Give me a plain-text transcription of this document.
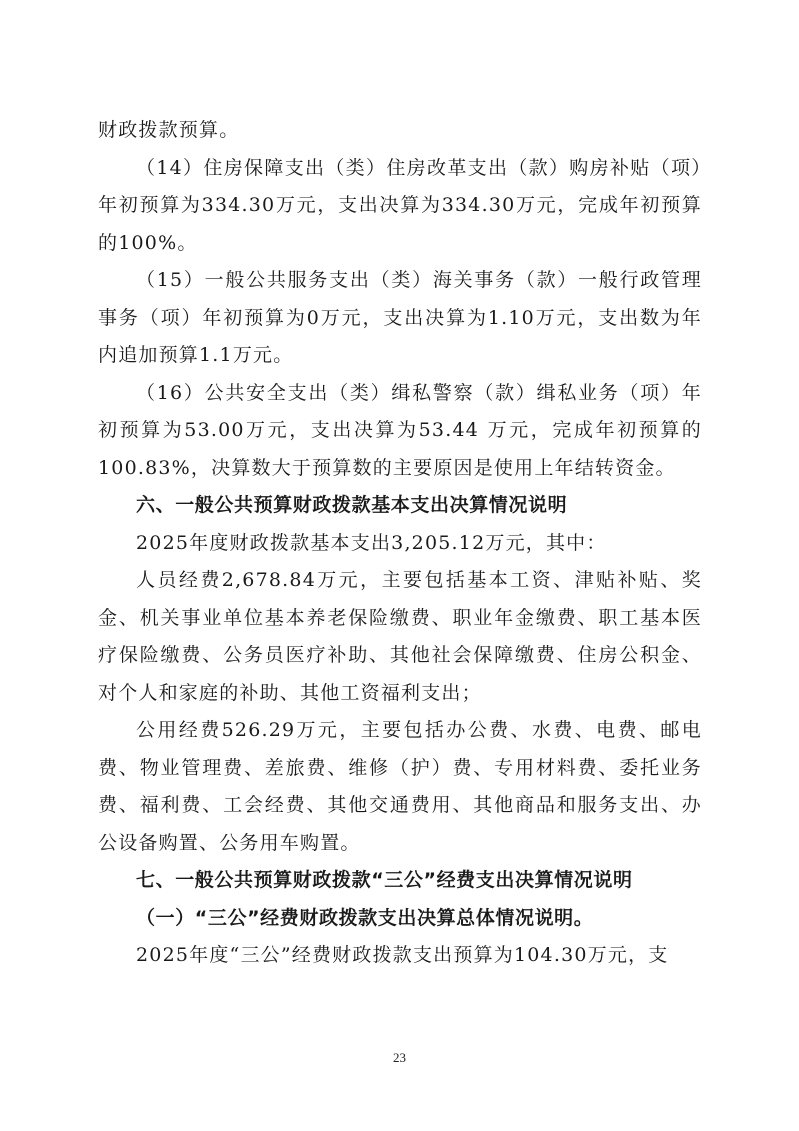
财政拨款预算。

（14）住房保障支出（类）住房改革支出（款）购房补贴（项）年初预算为334.30万元，支出决算为334.30万元，完成年初预算的100%。

（15）一般公共服务支出（类）海关事务（款）一般行政管理事务（项）年初预算为0万元，支出决算为1.10万元，支出数为年内追加预算1.1万元。

（16）公共安全支出（类）缉私警察（款）缉私业务（项）年初预算为53.00万元，支出决算为53.44 万元，完成年初预算的100.83%，决算数大于预算数的主要原因是使用上年结转资金。

六、一般公共预算财政拨款基本支出决算情况说明

2025年度财政拨款基本支出3,205.12万元，其中：

人员经费2,678.84万元，主要包括基本工资、津贴补贴、奖金、机关事业单位基本养老保险缴费、职业年金缴费、职工基本医疗保险缴费、公务员医疗补助、其他社会保障缴费、住房公积金、对个人和家庭的补助、其他工资福利支出；

公用经费526.29万元，主要包括办公费、水费、电费、邮电费、物业管理费、差旅费、维修（护）费、专用材料费、委托业务费、福利费、工会经费、其他交通费用、其他商品和服务支出、办公设备购置、公务用车购置。

七、一般公共预算财政拨款“三公”经费支出决算情况说明

（一）“三公”经费财政拨款支出决算总体情况说明。

2025年度“三公”经费财政拨款支出预算为104.30万元，支

23
